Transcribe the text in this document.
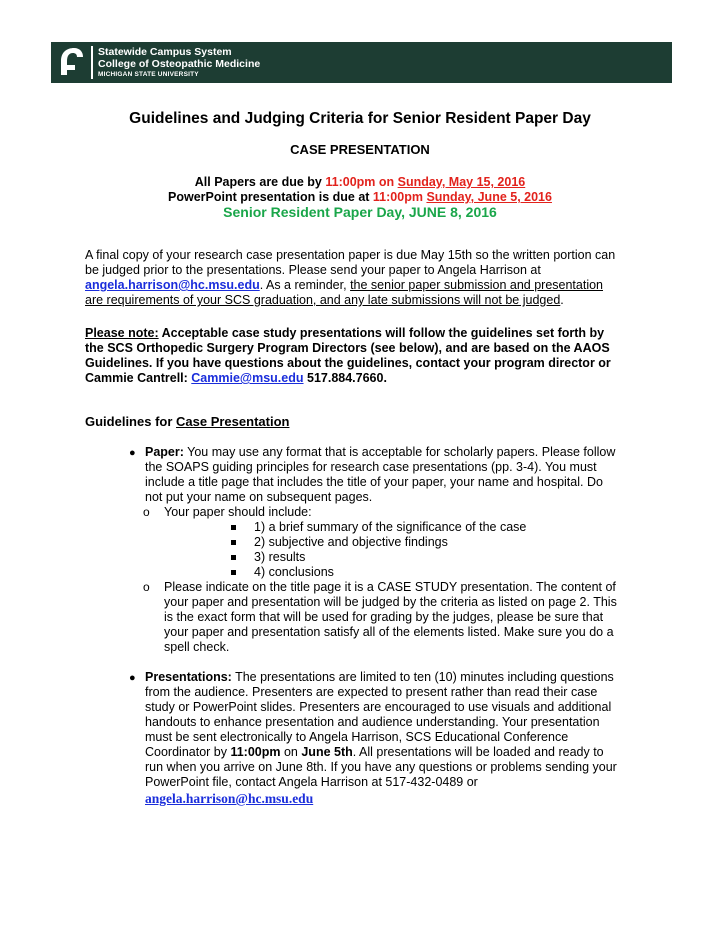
Statewide Campus System
College of Osteopathic Medicine
MICHIGAN STATE UNIVERSITY
Guidelines and Judging Criteria for Senior Resident Paper Day
CASE PRESENTATION
All Papers are due by 11:00pm on Sunday, May 15, 2016
PowerPoint presentation is due at 11:00pm Sunday, June 5, 2016
Senior Resident Paper Day, JUNE 8, 2016
A final copy of your research case presentation paper is due May 15th so the written portion can
be judged prior to the presentations. Please send your paper to Angela Harrison at
angela.harrison@hc.msu.edu. As a reminder, the senior paper submission and presentation
are requirements of your SCS graduation, and any late submissions will not be judged.
Please note: Acceptable case study presentations will follow the guidelines set forth by
the SCS Orthopedic Surgery Program Directors (see below), and are based on the AAOS
Guidelines. If you have questions about the guidelines, contact your program director or
Cammie Cantrell: Cammie@msu.edu 517.884.7660.
Guidelines for Case Presentation
● Paper: You may use any format that is acceptable for scholarly papers. Please follow
the SOAPS guiding principles for research case presentations (pp. 3-4). You must
include a title page that includes the title of your paper, your name and hospital. Do
not put your name on subsequent pages.
o Your paper should include:
1) a brief summary of the significance of the case
2) subjective and objective findings
3) results
4) conclusions
o Please indicate on the title page it is a CASE STUDY presentation. The content of
your paper and presentation will be judged by the criteria as listed on page 2. This
is the exact form that will be used for grading by the judges, please be sure that
your paper and presentation satisfy all of the elements listed. Make sure you do a
spell check.
● Presentations: The presentations are limited to ten (10) minutes including questions
from the audience. Presenters are expected to present rather than read their case
study or PowerPoint slides. Presenters are encouraged to use visuals and additional
handouts to enhance presentation and audience understanding. Your presentation
must be sent electronically to Angela Harrison, SCS Educational Conference
Coordinator by 11:00pm on June 5th. All presentations will be loaded and ready to
run when you arrive on June 8th. If you have any questions or problems sending your
PowerPoint file, contact Angela Harrison at 517-432-0489 or
angela.harrison@hc.msu.edu
